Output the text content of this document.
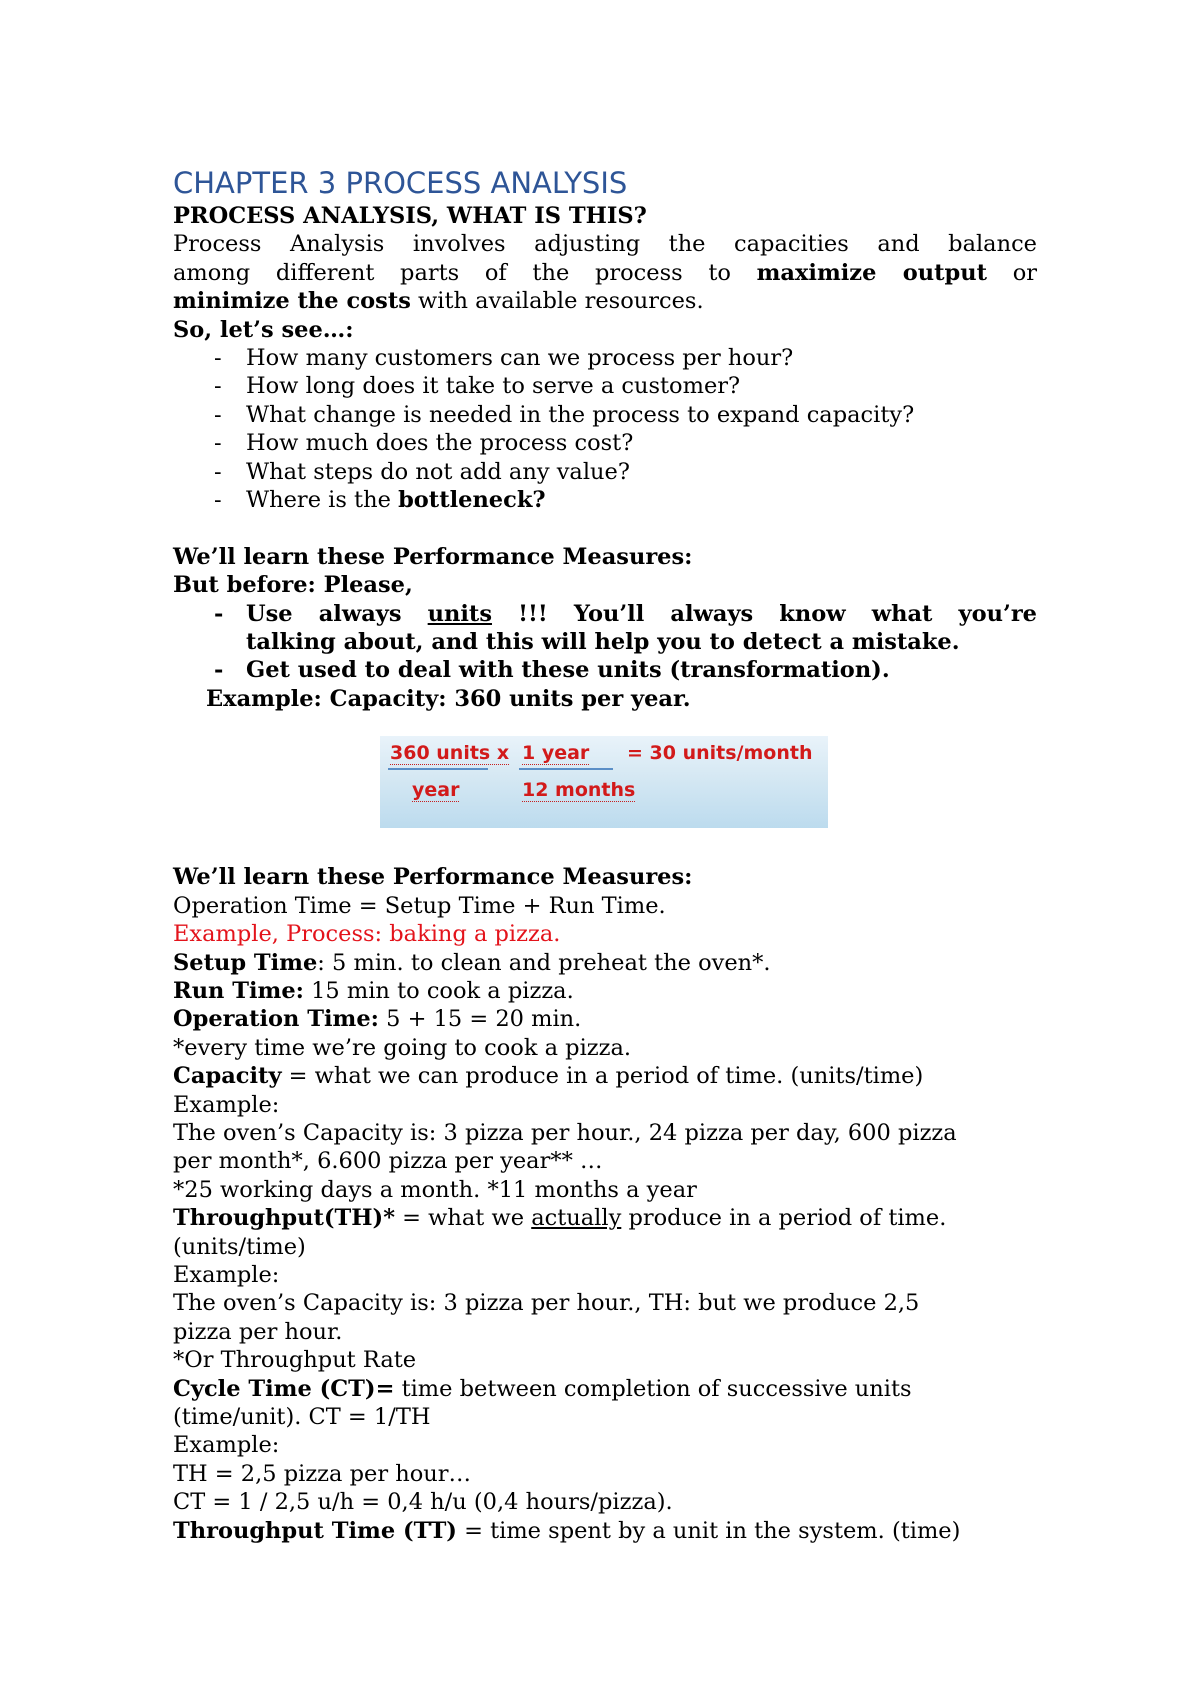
CHAPTER 3 PROCESS ANALYSIS
PROCESS ANALYSIS, WHAT IS THIS?
Process Analysis involves adjusting the capacities and balance
among different parts of the process to maximize output or
minimize the costs with available resources.
So, let’s see…:
- How many customers can we process per hour?
- How long does it take to serve a customer?
- What change is needed in the process to expand capacity?
- How much does the process cost?
- What steps do not add any value?
- Where is the bottleneck?
We’ll learn these Performance Measures:
But before: Please,
- Use always units !!! You’ll always know what you’re
talking about, and this will help you to detect a mistake.
- Get used to deal with these units (transformation).
Example: Capacity: 360 units per year.
360 units x
year
1 year
12 months
= 30 units/month
We’ll learn these Performance Measures:
Operation Time = Setup Time + Run Time.
Example, Process: baking a pizza.
Setup Time: 5 min. to clean and preheat the oven*.
Run Time: 15 min to cook a pizza.
Operation Time: 5 + 15 = 20 min.
*every time we’re going to cook a pizza.
Capacity = what we can produce in a period of time. (units/time)
Example:
The oven’s Capacity is: 3 pizza per hour., 24 pizza per day, 600 pizza
per month*, 6.600 pizza per year** …
*25 working days a month. *11 months a year
Throughput(TH)* = what we actually produce in a period of time.
(units/time)
Example:
The oven’s Capacity is: 3 pizza per hour., TH: but we produce 2,5
pizza per hour.
*Or Throughput Rate
Cycle Time (CT)= time between completion of successive units
(time/unit). CT = 1/TH
Example:
TH = 2,5 pizza per hour…
CT = 1 / 2,5 u/h = 0,4 h/u (0,4 hours/pizza).
Throughput Time (TT) = time spent by a unit in the system. (time)
